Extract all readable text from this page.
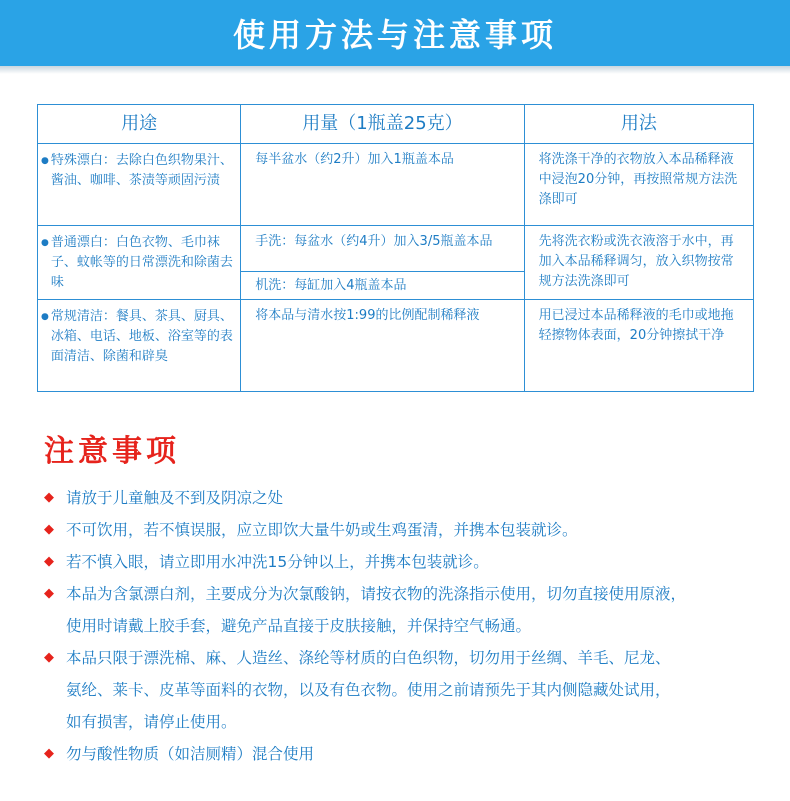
使用方法与注意事项
用途	用量（1瓶盖25克）	用法

● 特殊漂白：去除白色织物果汁、酱油、咖啡、茶渍等顽固污渍	每半盆水（约2升）加入1瓶盖本品	将洗涤干净的衣物放入本品稀释液中浸泡20分钟，再按照常规方法洗涤即可

● 普通漂白：白色衣物、毛巾袜子、蚊帐等的日常漂洗和除菌去味	手洗：每盆水（约4升）加入3/5瓶盖本品	先将洗衣粉或洗衣液溶于水中，再加入本品稀释调匀，放入织物按常规方法洗涤即可
	机洗：每缸加入4瓶盖本品	

● 常规清洁：餐具、茶具、厨具、冰箱、电话、地板、浴室等的表面清洁、除菌和辟臭	将本品与清水按1:99的比例配制稀释液	用已浸过本品稀释液的毛巾或地拖轻擦物体表面，20分钟擦拭干净
注意事项
◆ 请放于儿童触及不到及阴凉之处
◆ 不可饮用，若不慎误服，应立即饮大量牛奶或生鸡蛋清，并携本包装就诊。
◆ 若不慎入眼，请立即用水冲洗15分钟以上，并携本包装就诊。
◆ 本品为含氯漂白剂，主要成分为次氯酸钠，请按衣物的洗涤指示使用，切勿直接使用原液，
使用时请戴上胶手套，避免产品直接于皮肤接触，并保持空气畅通。
◆ 本品只限于漂洗棉、麻、人造丝、涤纶等材质的白色织物，切勿用于丝绸、羊毛、尼龙、
氨纶、莱卡、皮革等面料的衣物，以及有色衣物。使用之前请预先于其内侧隐藏处试用，
如有损害，请停止使用。
◆ 勿与酸性物质（如洁厕精）混合使用
